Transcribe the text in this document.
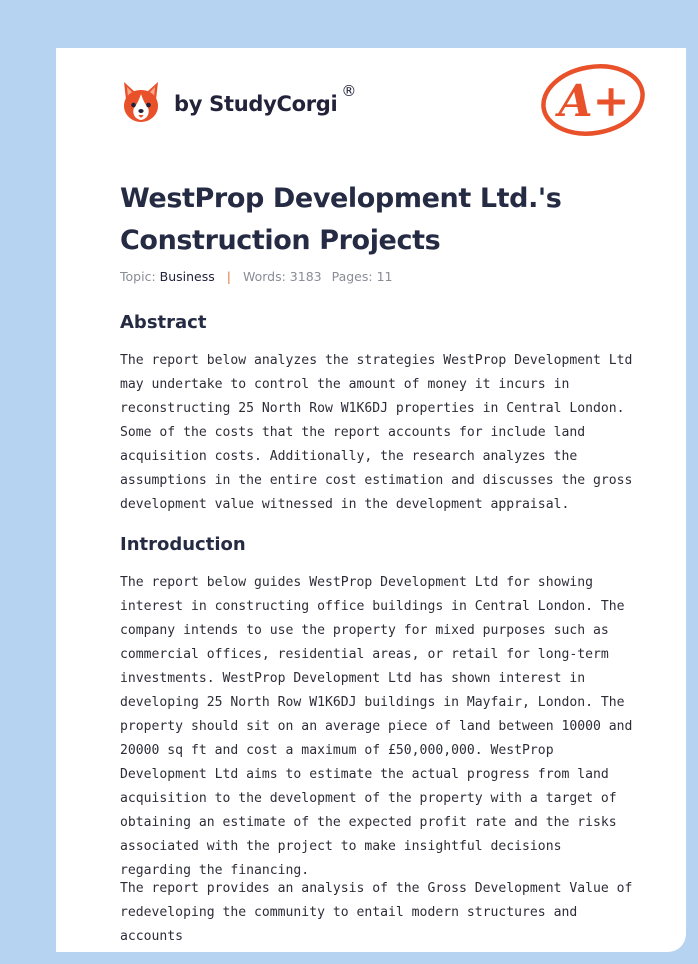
by StudyCorgi
®	A+
WestProp Development Ltd.'s Construction Projects
Topic: Business | Words: 3183 Pages: 11
Abstract

The report below analyzes the strategies WestProp Development Ltd may undertake to control the amount of money it incurs in reconstructing 25 North Row W1K6DJ properties in Central London. Some of the costs that the report accounts for include land acquisition costs. Additionally, the research analyzes the assumptions in the entire cost estimation and discusses the gross development value witnessed in the development appraisal.

Introduction

The report below guides WestProp Development Ltd for showing interest in constructing office buildings in Central London. The company intends to use the property for mixed purposes such as commercial offices, residential areas, or retail for long-term investments. WestProp Development Ltd has shown interest in developing 25 North Row W1K6DJ buildings in Mayfair, London. The property should sit on an average piece of land between 10000 and 20000 sq ft and cost a maximum of £50,000,000. WestProp Development Ltd aims to estimate the actual progress from land acquisition to the development of the property with a target of obtaining an estimate of the expected profit rate and the risks associated with the project to make insightful decisions regarding the financing.

The report provides an analysis of the Gross Development Value of redeveloping the community to entail modern structures and accounts
